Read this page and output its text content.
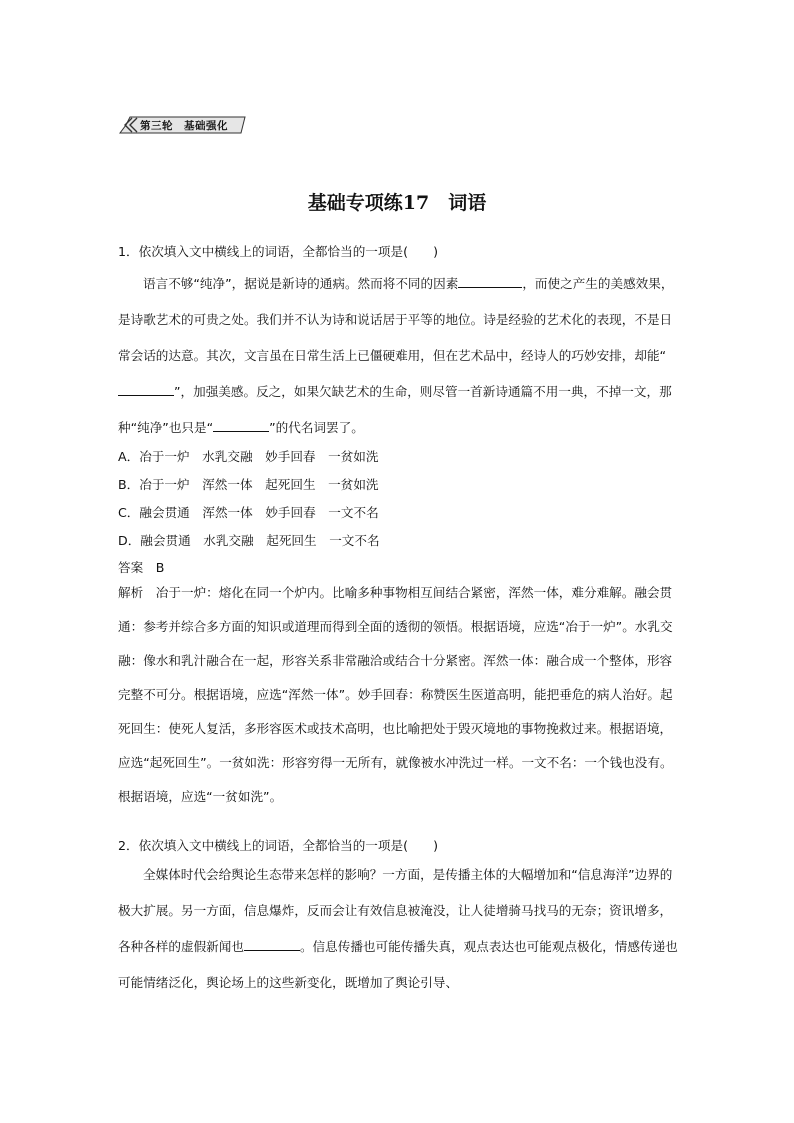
第三轮　基础强化
基础专项练17　词语
1．依次填入文中横线上的词语，全都恰当的一项是(　　)
语言不够“纯净”，据说是新诗的通病。然而将不同的因素	，而使之产生的美感效果，是诗歌艺术的可贵之处。我们并不认为诗和说话居于平等的地位。诗是经验的艺术化的表现，不是日常会话的达意。其次，文言虽在日常生活上已僵硬难用，但在艺术品中，经诗人的巧妙安排，却能“”，加强美感。反之，如果欠缺艺术的生命，则尽管一首新诗通篇不用一典，不掉一文，那种“纯净”也只是“	”的代名词罢了。
A．冶于一炉　水乳交融　妙手回春　一贫如洗
B．冶于一炉　浑然一体　起死回生　一贫如洗
C．融会贯通　浑然一体　妙手回春　一文不名
D．融会贯通　水乳交融　起死回生　一文不名
答案　B
解析　冶于一炉：熔化在同一个炉内。比喻多种事物相互间结合紧密，浑然一体，难分难解。融会贯通：参考并综合多方面的知识或道理而得到全面的透彻的领悟。根据语境，应选“冶于一炉”。水乳交融：像水和乳汁融合在一起，形容关系非常融洽或结合十分紧密。浑然一体：融合成一个整体，形容完整不可分。根据语境，应选“浑然一体”。妙手回春：称赞医生医道高明，能把垂危的病人治好。起死回生：使死人复活，多形容医术或技术高明，也比喻把处于毁灭境地的事物挽救过来。根据语境，应选“起死回生”。一贫如洗：形容穷得一无所有，就像被水冲洗过一样。一文不名：一个钱也没有。根据语境，应选“一贫如洗”。
2．依次填入文中横线上的词语，全都恰当的一项是(　　)
全媒体时代会给舆论生态带来怎样的影响？一方面，是传播主体的大幅增加和“信息海洋”边界的极大扩展。另一方面，信息爆炸，反而会让有效信息被淹没，让人徒增骑马找马的无奈；资讯增多，各种各样的虚假新闻也	。信息传播也可能传播失真，观点表达也可能观点极化，情感传递也可能情绪泛化，舆论场上的这些新变化，既增加了舆论引导、
